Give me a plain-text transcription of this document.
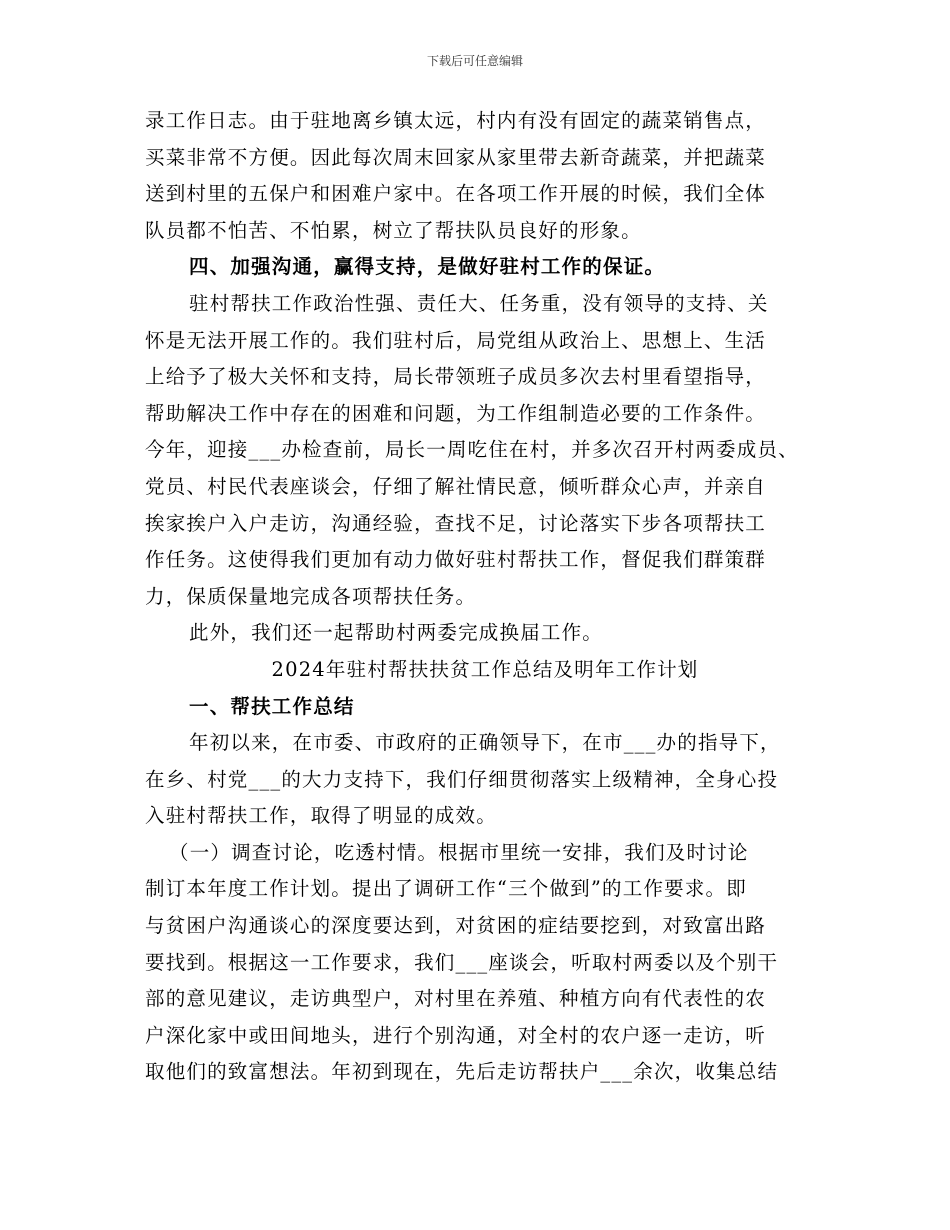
下载后可任意编辑
录工作日志。由于驻地离乡镇太远，村内有没有固定的蔬菜销售点，
买菜非常不方便。因此每次周末回家从家里带去新奇蔬菜，并把蔬菜
送到村里的五保户和困难户家中。在各项工作开展的时候，我们全体
队员都不怕苦、不怕累，树立了帮扶队员良好的形象。
四、加强沟通，赢得支持，是做好驻村工作的保证。
驻村帮扶工作政治性强、责任大、任务重，没有领导的支持、关
怀是无法开展工作的。我们驻村后，局党组从政治上、思想上、生活
上给予了极大关怀和支持，局长带领班子成员多次去村里看望指导，
帮助解决工作中存在的困难和问题，为工作组制造必要的工作条件。
今年，迎接___办检查前，局长一周吃住在村，并多次召开村两委成员、
党员、村民代表座谈会，仔细了解社情民意，倾听群众心声，并亲自
挨家挨户入户走访，沟通经验，查找不足，讨论落实下步各项帮扶工
作任务。这使得我们更加有动力做好驻村帮扶工作，督促我们群策群
力，保质保量地完成各项帮扶任务。
此外，我们还一起帮助村两委完成换届工作。
2024年驻村帮扶扶贫工作总结及明年工作计划
一、帮扶工作总结
年初以来，在市委、市政府的正确领导下，在市___办的指导下，
在乡、村党___的大力支持下，我们仔细贯彻落实上级精神，全身心投
入驻村帮扶工作，取得了明显的成效。
（一）调查讨论，吃透村情。根据市里统一安排，我们及时讨论
制订本年度工作计划。提出了调研工作“三个做到”的工作要求。即
与贫困户沟通谈心的深度要达到，对贫困的症结要挖到，对致富出路
要找到。根据这一工作要求，我们___座谈会，听取村两委以及个别干
部的意见建议，走访典型户，对村里在养殖、种植方向有代表性的农
户深化家中或田间地头，进行个别沟通，对全村的农户逐一走访，听
取他们的致富想法。年初到现在，先后走访帮扶户___余次，收集总结
